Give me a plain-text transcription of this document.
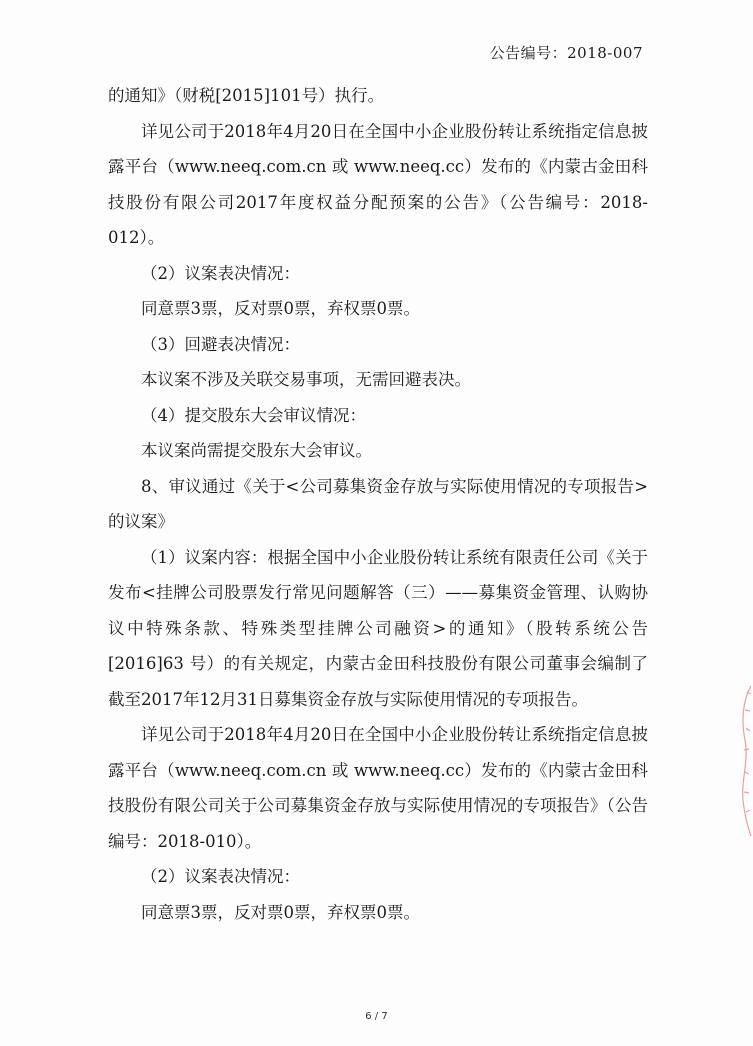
公告编号：2018-007

的通知》（财税[2015]101号）执行。

详见公司于2018年4月20日在全国中小企业股份转让系统指定信息披露平台（www.neeq.com.cn 或 www.neeq.cc）发布的《内蒙古金田科技股份有限公司2017年度权益分配预案的公告》（公告编号：2018-012）。

（2）议案表决情况：

同意票3票，反对票0票，弃权票0票。

（3）回避表决情况：

本议案不涉及关联交易事项，无需回避表决。

（4）提交股东大会审议情况：

本议案尚需提交股东大会审议。

8、审议通过《关于<公司募集资金存放与实际使用情况的专项报告>的议案》

（1）议案内容：根据全国中小企业股份转让系统有限责任公司《关于发布<挂牌公司股票发行常见问题解答（三）——募集资金管理、认购协议中特殊条款、特殊类型挂牌公司融资>的通知》（股转系统公告[2016]63 号）的有关规定，内蒙古金田科技股份有限公司董事会编制了截至2017年12月31日募集资金存放与实际使用情况的专项报告。

详见公司于2018年4月20日在全国中小企业股份转让系统指定信息披露平台（www.neeq.com.cn 或 www.neeq.cc）发布的《内蒙古金田科技股份有限公司关于公司募集资金存放与实际使用情况的专项报告》（公告编号：2018-010）。

（2）议案表决情况：

同意票3票，反对票0票，弃权票0票。

6 / 7
